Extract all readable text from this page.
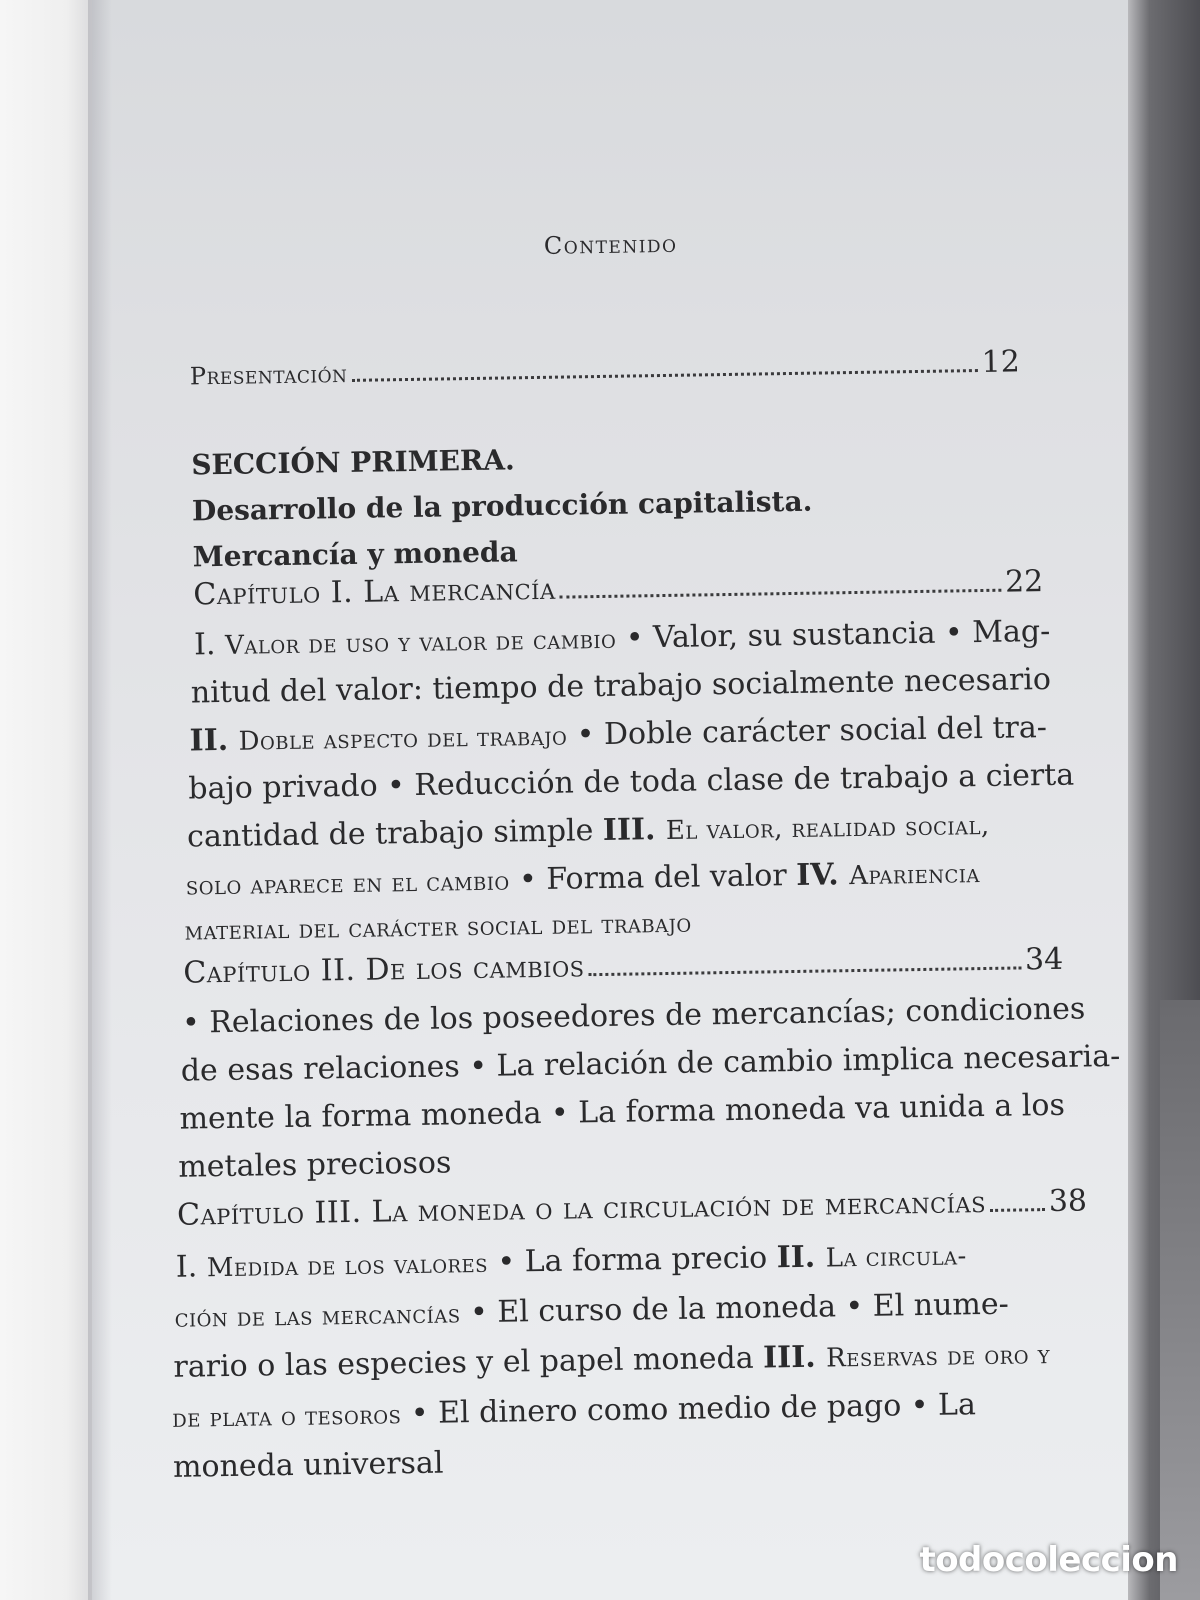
Contenido
Presentación	12
SECCIÓN PRIMERA.
Desarrollo de la producción capitalista.
Mercancía y moneda
Capítulo I. La mercancía	22
I. Valor de uso y valor de cambio • Valor, su sustancia • Mag-
nitud del valor: tiempo de trabajo socialmente necesario
II. Doble aspecto del trabajo • Doble carácter social del tra-
bajo privado • Reducción de toda clase de trabajo a cierta
cantidad de trabajo simple III. El valor, realidad social,
solo aparece en el cambio • Forma del valor IV. Apariencia
material del carácter social del trabajo
Capítulo II. De los cambios	34
• Relaciones de los poseedores de mercancías; condiciones
de esas relaciones • La relación de cambio implica necesaria-
mente la forma moneda • La forma moneda va unida a los
metales preciosos
Capítulo III. La moneda o la circulación de mercancías 38
I. Medida de los valores • La forma precio II. La circula-
ción de las mercancías • El curso de la moneda • El nume-
rario o las especies y el papel moneda III. Reservas de oro y
de plata o tesoros • El dinero como medio de pago • La
moneda universal
todocoleccion
